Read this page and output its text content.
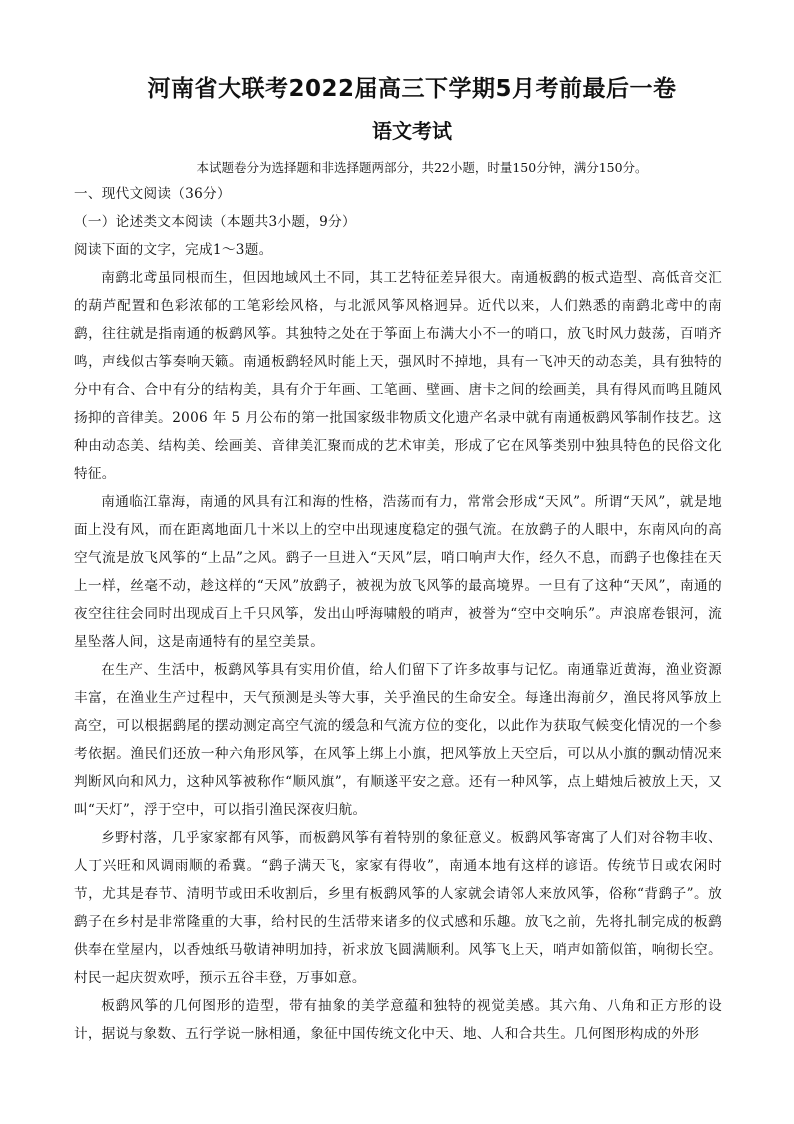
河南省大联考2022届高三下学期5月考前最后一卷
语文考试
本试题卷分为选择题和非选择题两部分，共22小题，时量150分钟，满分150分。

一、现代文阅读（36分）

（一）论述类文本阅读（本题共3小题，9分）

阅读下面的文字，完成1～3题。

南鹞北鸢虽同根而生，但因地域风土不同，其工艺特征差异很大。南通板鹞的板式造型、高低音交汇的葫芦配置和色彩浓郁的工笔彩绘风格，与北派风筝风格迥异。近代以来，人们熟悉的南鹞北鸢中的南鹞，往往就是指南通的板鹞风筝。其独特之处在于筝面上布满大小不一的哨口，放飞时风力鼓荡，百哨齐鸣，声线似古筝奏响天籁。南通板鹞轻风时能上天，强风时不掉地，具有一飞冲天的动态美，具有独特的分中有合、合中有分的结构美，具有介于年画、工笔画、壁画、唐卡之间的绘画美，具有得风而鸣且随风扬抑的音律美。2006 年 5 月公布的第一批国家级非物质文化遗产名录中就有南通板鹞风筝制作技艺。这种由动态美、结构美、绘画美、音律美汇聚而成的艺术审美，形成了它在风筝类别中独具特色的民俗文化特征。

南通临江靠海，南通的风具有江和海的性格，浩荡而有力，常常会形成“天风”。所谓“天风”，就是地面上没有风，而在距离地面几十米以上的空中出现速度稳定的强气流。在放鹞子的人眼中，东南风向的高空气流是放飞风筝的“上品”之风。鹞子一旦进入“天风”层，哨口响声大作，经久不息，而鹞子也像挂在天上一样，丝毫不动，趁这样的“天风”放鹞子，被视为放飞风筝的最高境界。一旦有了这种“天风”，南通的夜空往往会同时出现成百上千只风筝，发出山呼海啸般的哨声，被誉为“空中交响乐”。声浪席卷银河，流星坠落人间，这是南通特有的星空美景。

在生产、生活中，板鹞风筝具有实用价值，给人们留下了许多故事与记忆。南通靠近黄海，渔业资源丰富，在渔业生产过程中，天气预测是头等大事，关乎渔民的生命安全。每逢出海前夕，渔民将风筝放上高空，可以根据鹞尾的摆动测定高空气流的缓急和气流方位的变化，以此作为获取气候变化情况的一个参考依据。渔民们还放一种六角形风筝，在风筝上绑上小旗，把风筝放上天空后，可以从小旗的飘动情况来判断风向和风力，这种风筝被称作“顺风旗”，有顺遂平安之意。还有一种风筝，点上蜡烛后被放上天，又叫“天灯”，浮于空中，可以指引渔民深夜归航。

乡野村落，几乎家家都有风筝，而板鹞风筝有着特别的象征意义。板鹞风筝寄寓了人们对谷物丰收、人丁兴旺和风调雨顺的希冀。“鹞子满天飞，家家有得收”，南通本地有这样的谚语。传统节日或农闲时节，尤其是春节、清明节或田禾收割后，乡里有板鹞风筝的人家就会请邻人来放风筝，俗称“背鹞子”。放鹞子在乡村是非常隆重的大事，给村民的生活带来诸多的仪式感和乐趣。放飞之前，先将扎制完成的板鹞供奉在堂屋内，以香烛纸马敬请神明加持，祈求放飞圆满顺利。风筝飞上天，哨声如箭似笛，响彻长空。村民一起庆贺欢呼，预示五谷丰登，万事如意。

板鹞风筝的几何图形的造型，带有抽象的美学意蕴和独特的视觉美感。其六角、八角和正方形的设计，据说与象数、五行学说一脉相通，象征中国传统文化中天、地、人和合共生。几何图形构成的外形
